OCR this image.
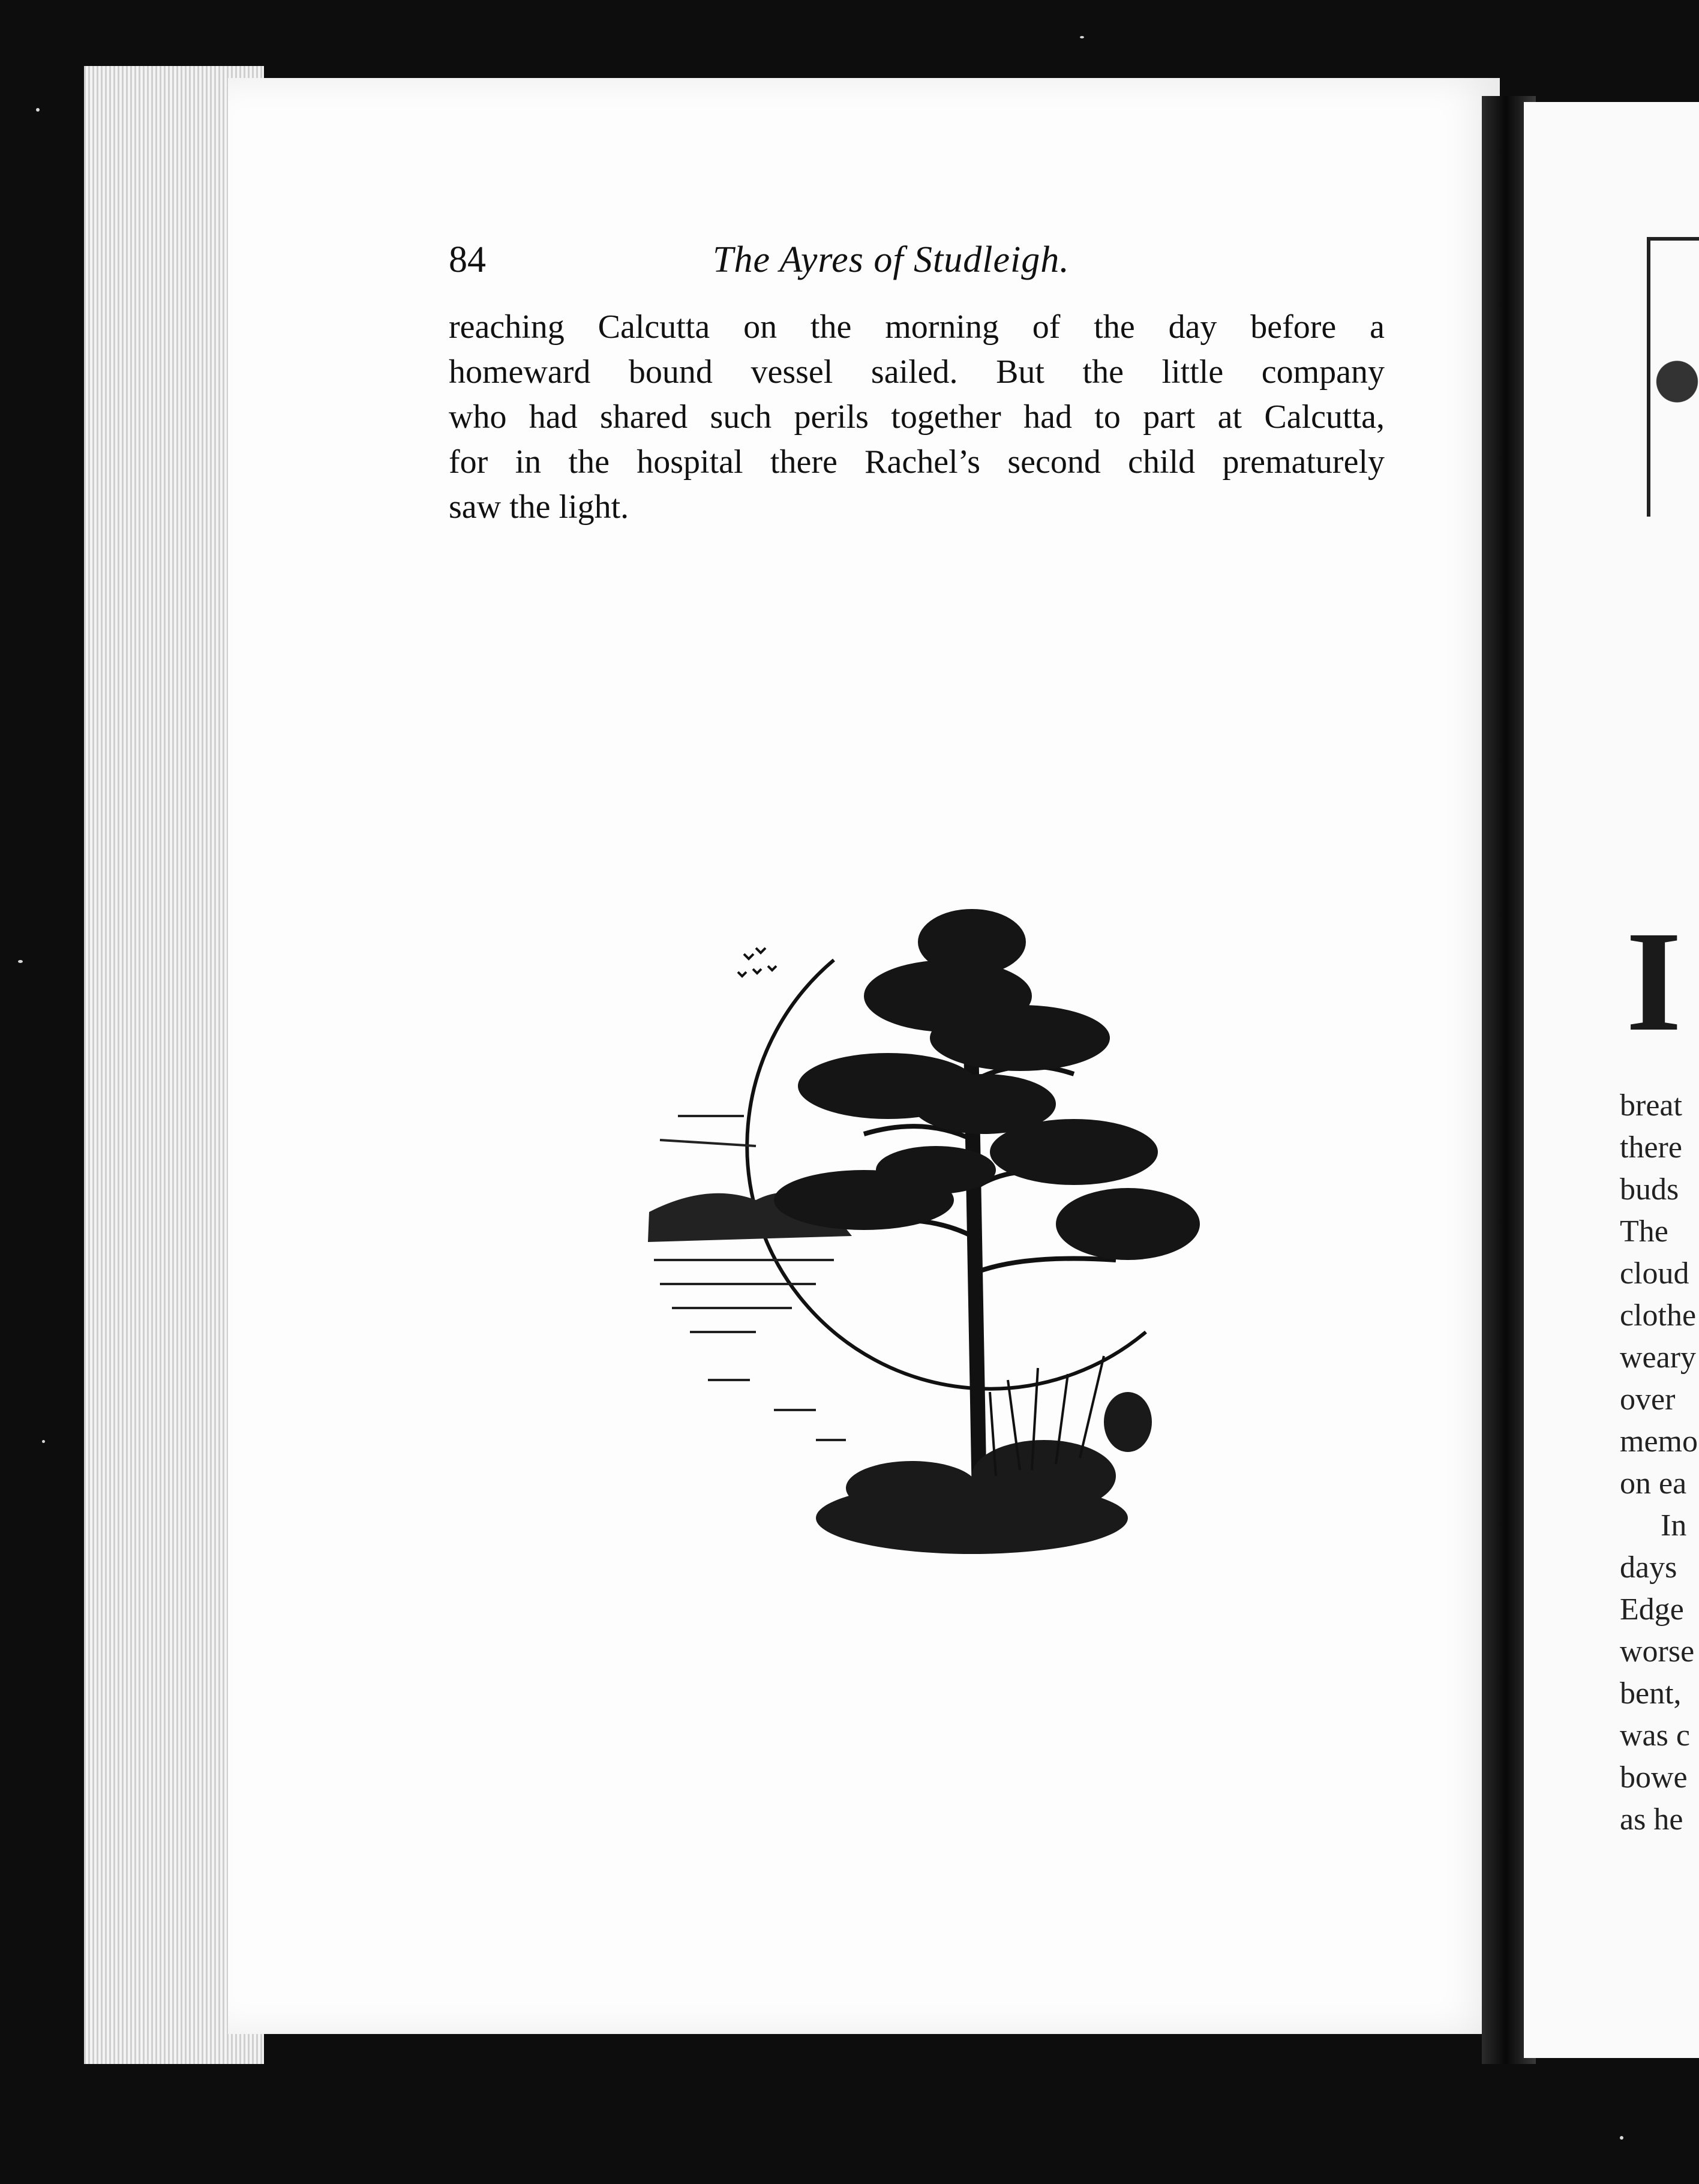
84	The Ayres of Studleigh.
reaching Calcutta on the morning of the day before a
homeward bound vessel sailed. But the little company
who had shared such perils together had to part at Calcutta,
for in the hospital there Rachel’s second child prematurely
saw the light.
I
breat
there
buds
The
cloud
clothe
weary
over
memo
on ea
In
days
Edge
worse
bent,
was c
bowe
as he
